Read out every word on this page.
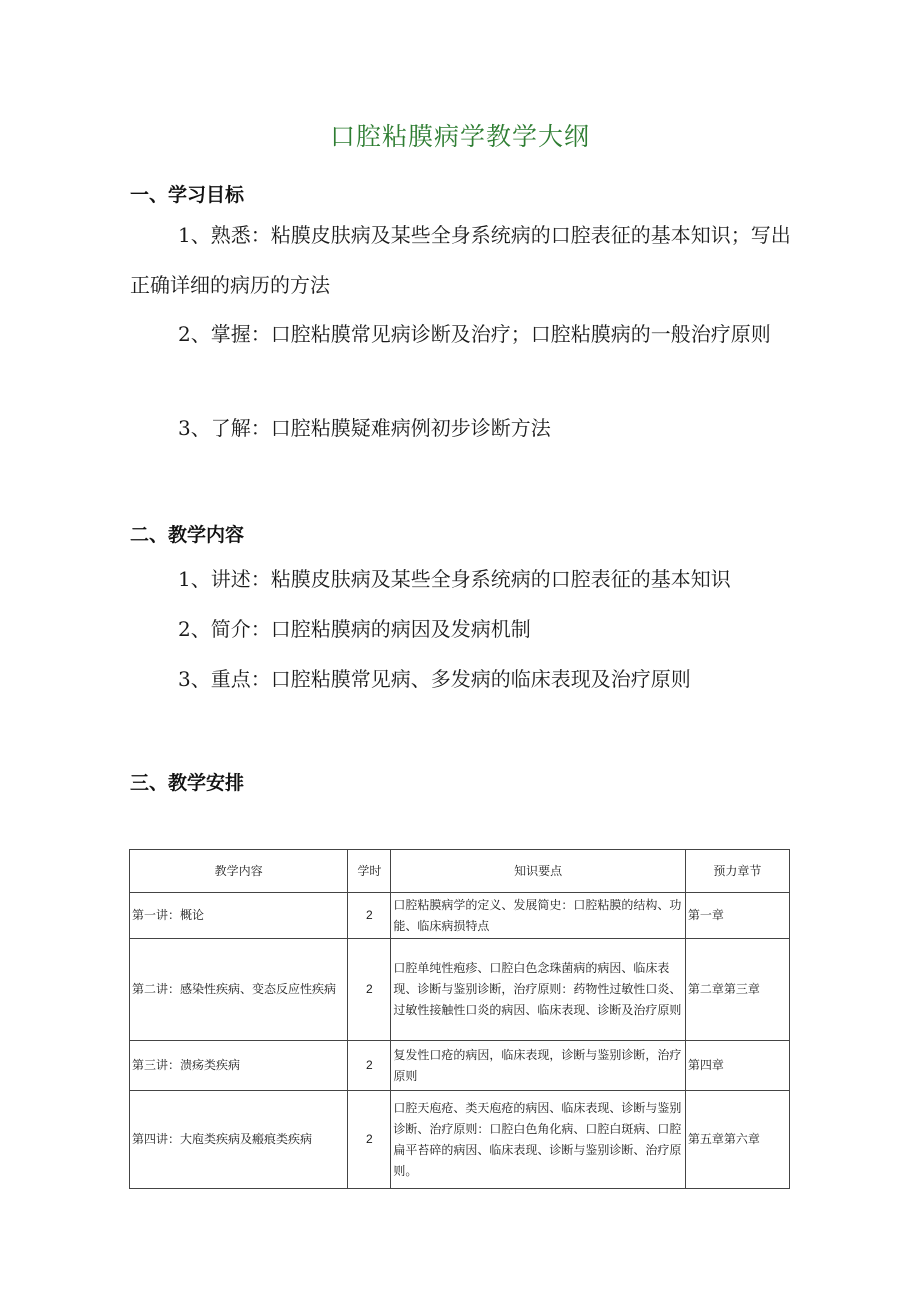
口腔粘膜病学教学大纲
一、学习目标
1、熟悉：粘膜皮肤病及某些全身系统病的口腔表征的基本知识；写出正确详细的病历的方法
2、掌握：口腔粘膜常见病诊断及治疗；口腔粘膜病的一般治疗原则
3、了解：口腔粘膜疑难病例初步诊断方法
二、教学内容
1、讲述：粘膜皮肤病及某些全身系统病的口腔表征的基本知识
2、简介：口腔粘膜病的病因及发病机制
3、重点：口腔粘膜常见病、多发病的临床表现及治疗原则
三、教学安排
教学内容	学时	知识要点	预力章节
第一讲：概论	2	口腔粘膜病学的定义、发展简史：口腔粘膜的结构、功能、临床病损特点	第一章
第二讲：感染性疾病、变态反应性疾病	2	口腔单纯性疱疹、口腔白色念珠菌病的病因、临床表现、诊断与鉴别诊断，治疗原则：药物性过敏性口炎、过敏性接触性口炎的病因、临床表现、诊断及治疗原则	第二章第三章
第三讲：溃疡类疾病	2	复发性口疮的病因，临床表现，诊断与鉴别诊断，治疗原则	第四章
第四讲：大庖类疾病及瘢痕类疾病	2	口腔天庖疮、类天庖疮的病因、临床表现、诊断与鉴别诊断、治疗原则：口腔白色角化病、口腔白斑病、口腔扁平苔碎的病因、临床表现、诊断与鉴别诊断、治疗原则。	第五章第六章
